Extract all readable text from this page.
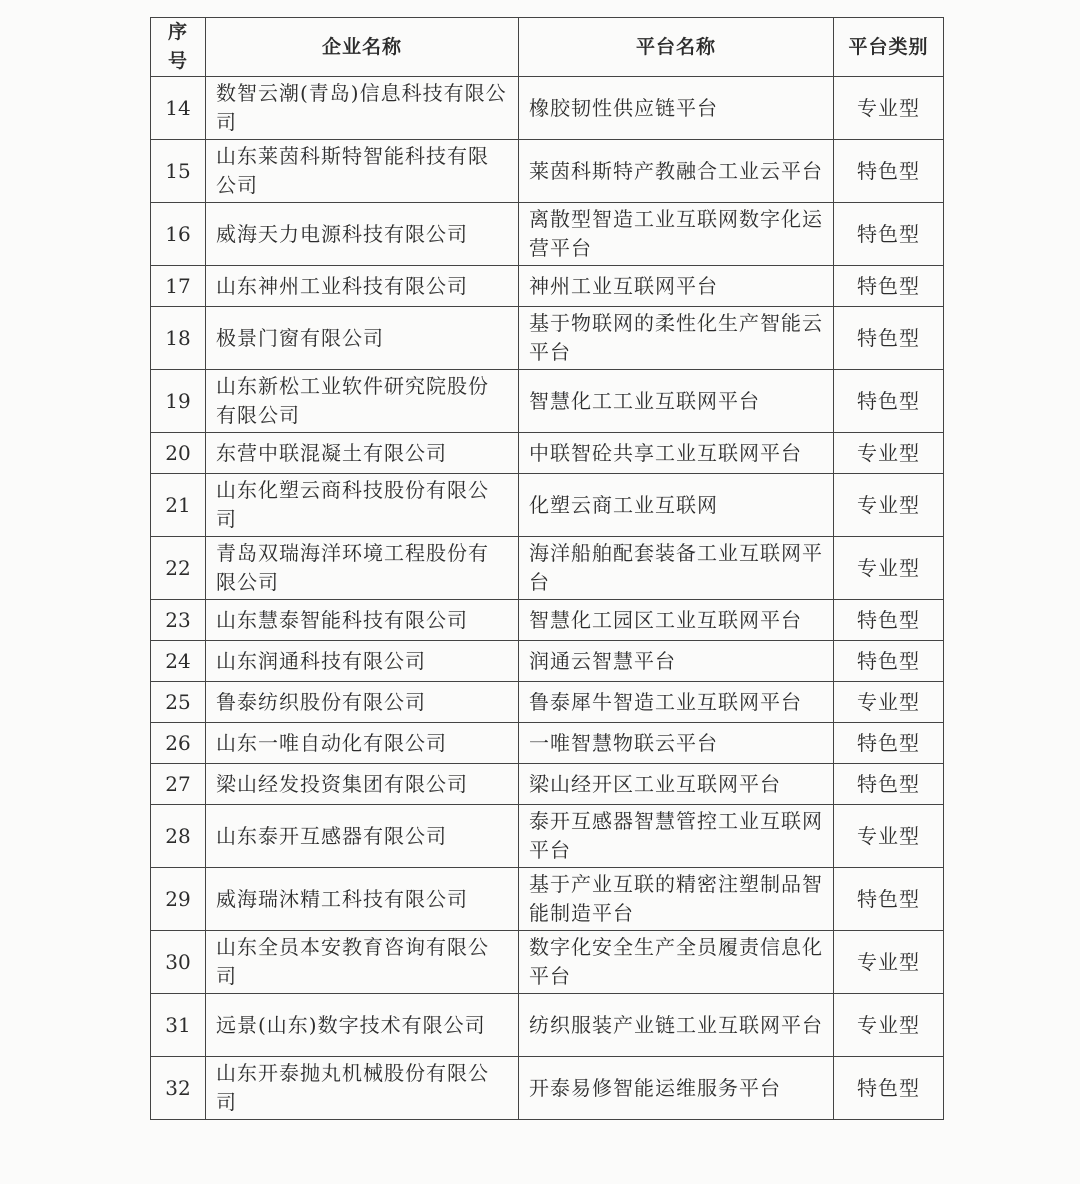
序号	企业名称	平台名称	平台类别
14	数智云潮(青岛)信息科技有限公司	橡胶韧性供应链平台	专业型
15	山东莱茵科斯特智能科技有限公司	莱茵科斯特产教融合工业云平台	特色型
16	威海天力电源科技有限公司	离散型智造工业互联网数字化运营平台	特色型
17	山东神州工业科技有限公司	神州工业互联网平台	特色型
18	极景门窗有限公司	基于物联网的柔性化生产智能云平台	特色型
19	山东新松工业软件研究院股份有限公司	智慧化工工业互联网平台	特色型
20	东营中联混凝土有限公司	中联智砼共享工业互联网平台	专业型
21	山东化塑云商科技股份有限公司	化塑云商工业互联网	专业型
22	青岛双瑞海洋环境工程股份有限公司	海洋船舶配套装备工业互联网平台	专业型
23	山东慧泰智能科技有限公司	智慧化工园区工业互联网平台	特色型
24	山东润通科技有限公司	润通云智慧平台	特色型
25	鲁泰纺织股份有限公司	鲁泰犀牛智造工业互联网平台	专业型
26	山东一唯自动化有限公司	一唯智慧物联云平台	特色型
27	梁山经发投资集团有限公司	梁山经开区工业互联网平台	特色型
28	山东泰开互感器有限公司	泰开互感器智慧管控工业互联网平台	专业型
29	威海瑞沐精工科技有限公司	基于产业互联的精密注塑制品智能制造平台	特色型
30	山东全员本安教育咨询有限公司	数字化安全生产全员履责信息化平台	专业型
31	远景(山东)数字技术有限公司	纺织服装产业链工业互联网平台	专业型
32	山东开泰抛丸机械股份有限公司	开泰易修智能运维服务平台	特色型
